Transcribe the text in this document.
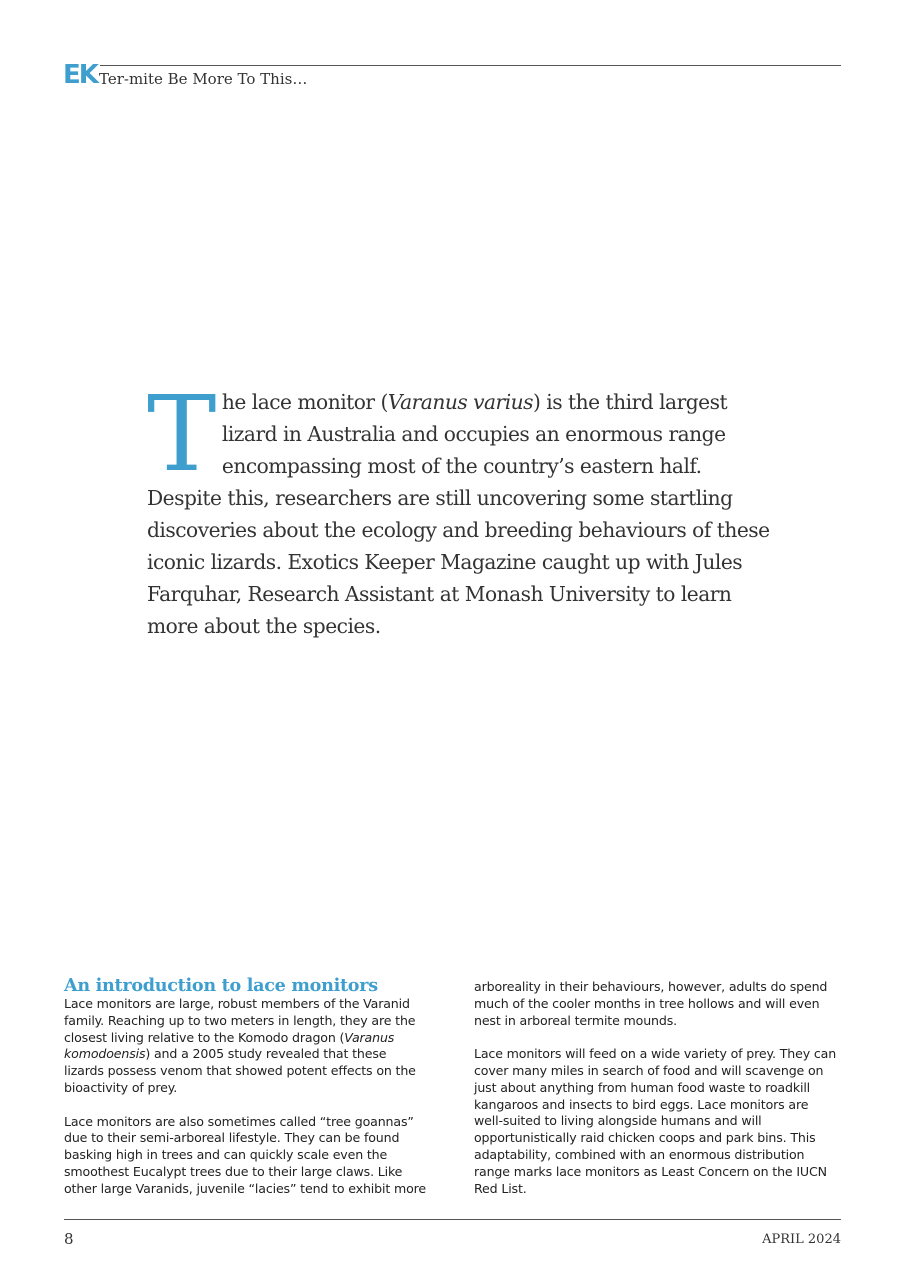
EK Ter-mite Be More To This…

The lace monitor (Varanus varius) is the third largest lizard in Australia and occupies an enormous range encompassing most of the country’s eastern half. Despite this, researchers are still uncovering some startling discoveries about the ecology and breeding behaviours of these iconic lizards. Exotics Keeper Magazine caught up with Jules Farquhar, Research Assistant at Monash University to learn more about the species.

An introduction to lace monitors

Lace monitors are large, robust members of the Varanid family. Reaching up to two meters in length, they are the closest living relative to the Komodo dragon (Varanus komodoensis) and a 2005 study revealed that these lizards possess venom that showed potent effects on the bioactivity of prey.

Lace monitors are also sometimes called “tree goannas” due to their semi-arboreal lifestyle. They can be found basking high in trees and can quickly scale even the smoothest Eucalypt trees due to their large claws. Like other large Varanids, juvenile “lacies” tend to exhibit more

arboreality in their behaviours, however, adults do spend much of the cooler months in tree hollows and will even nest in arboreal termite mounds.

Lace monitors will feed on a wide variety of prey. They can cover many miles in search of food and will scavenge on just about anything from human food waste to roadkill kangaroos and insects to bird eggs. Lace monitors are well-suited to living alongside humans and will opportunistically raid chicken coops and park bins. This adaptability, combined with an enormous distribution range marks lace monitors as Least Concern on the IUCN Red List.

8	APRIL 2024
